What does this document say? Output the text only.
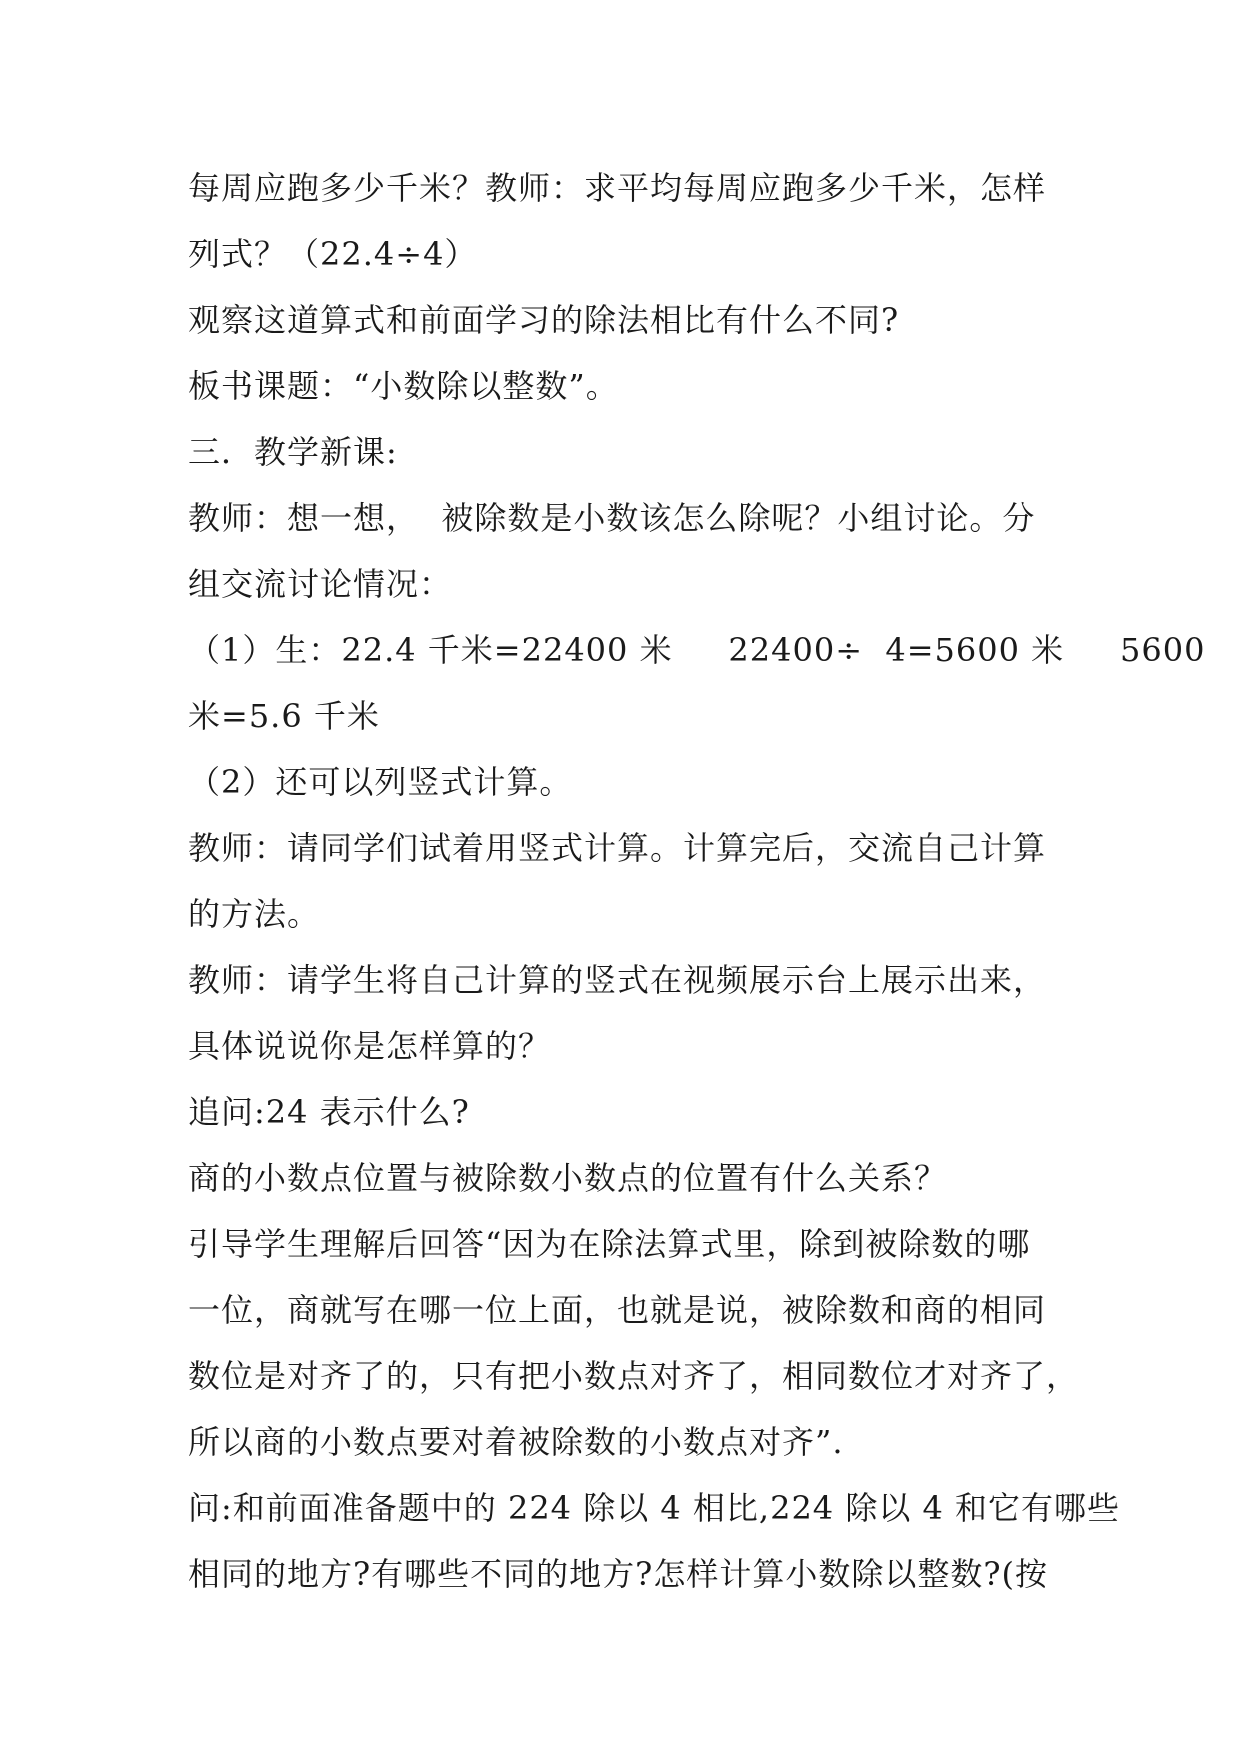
每周应跑多少千米？教师：求平均每周应跑多少千米，怎样
列式？（22.4÷4）
观察这道算式和前面学习的除法相比有什么不同?
板书课题：“小数除以整数”。
三．教学新课:
教师：想一想，  被除数是小数该怎么除呢？小组讨论。分
组交流讨论情况：
（1）生：22.4 千米=22400 米     22400÷  4=5600 米     5600
米=5.6 千米
（2）还可以列竖式计算。
教师：请同学们试着用竖式计算。计算完后，交流自己计算
的方法。
教师：请学生将自己计算的竖式在视频展示台上展示出来，
具体说说你是怎样算的？
追问:24 表示什么?
商的小数点位置与被除数小数点的位置有什么关系？
引导学生理解后回答“因为在除法算式里，除到被除数的哪
一位，商就写在哪一位上面，也就是说，被除数和商的相同
数位是对齐了的，只有把小数点对齐了，相同数位才对齐了，
所以商的小数点要对着被除数的小数点对齐”.
问:和前面准备题中的 224 除以 4 相比,224 除以 4 和它有哪些
相同的地方?有哪些不同的地方?怎样计算小数除以整数?(按
